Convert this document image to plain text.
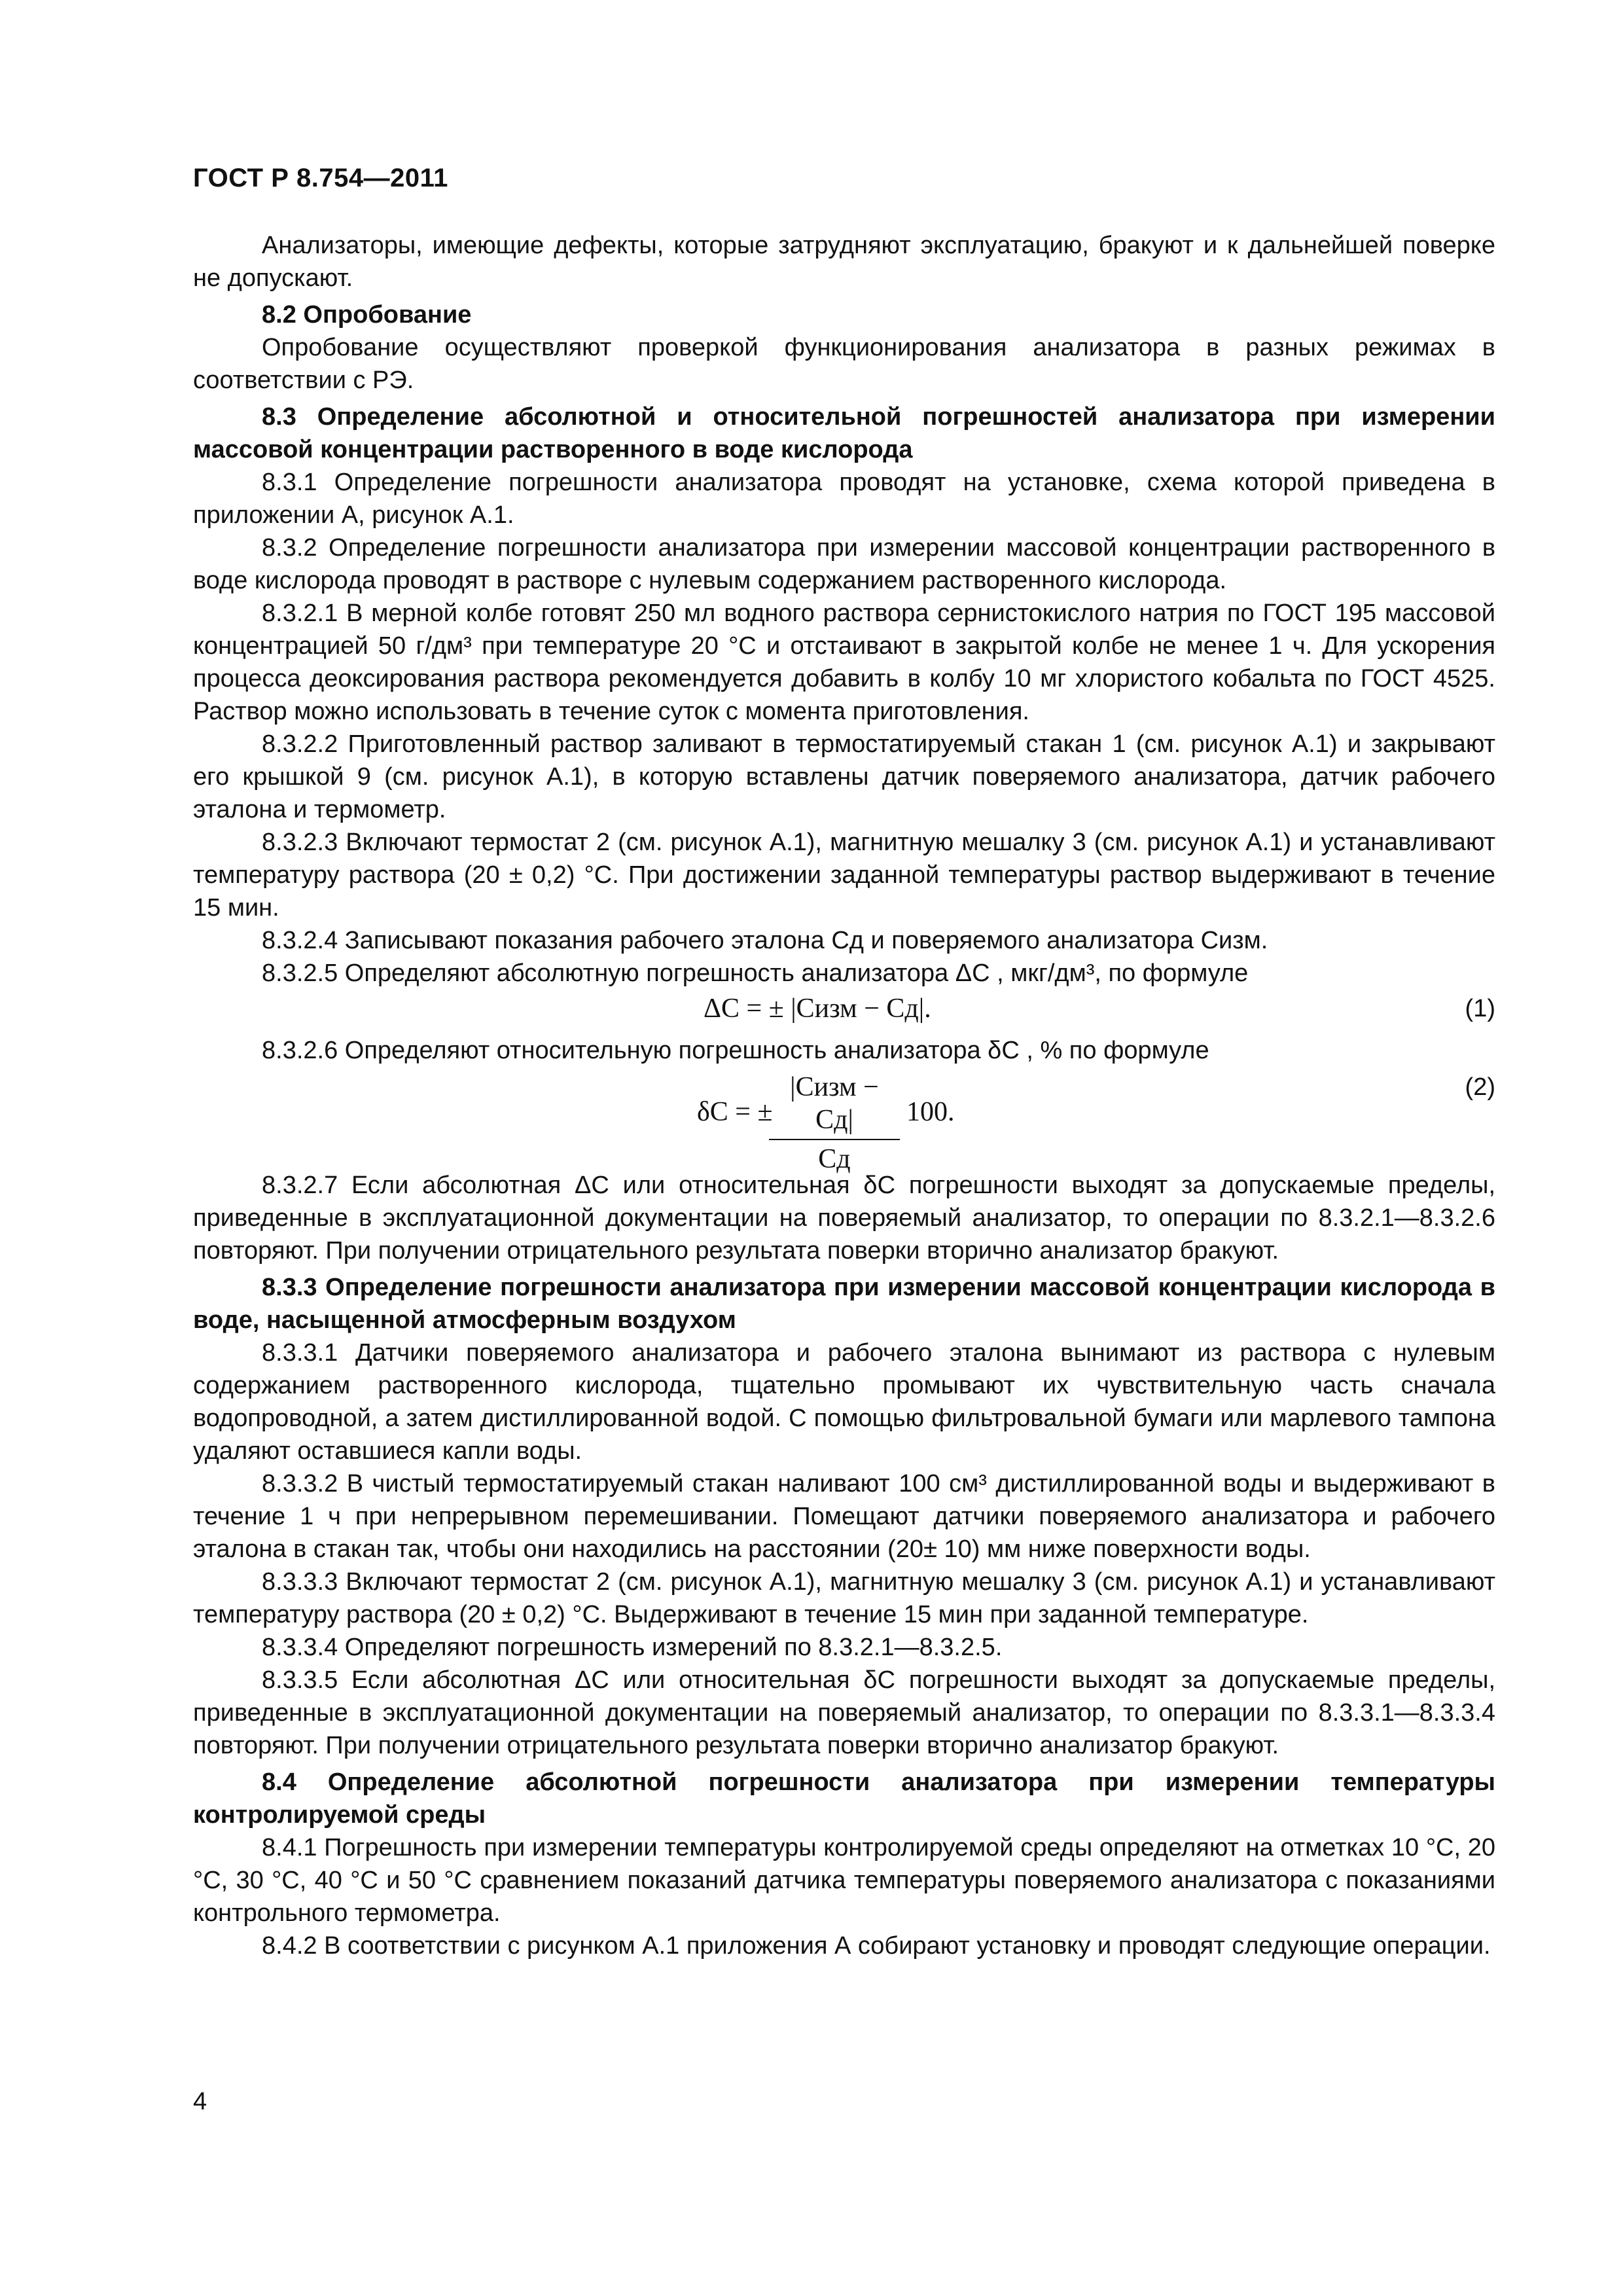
ГОСТ Р 8.754—2011

Анализаторы, имеющие дефекты, которые затрудняют эксплуатацию, бракуют и к дальнейшей поверке не допускают.

8.2 Опробование

Опробование осуществляют проверкой функционирования анализатора в разных режимах в соответствии с РЭ.

8.3 Определение абсолютной и относительной погрешностей анализатора при измерении массовой концентрации растворенного в воде кислорода

8.3.1 Определение погрешности анализатора проводят на установке, схема которой приведена в приложении А, рисунок А.1.

8.3.2 Определение погрешности анализатора при измерении массовой концентрации растворенного в воде кислорода проводят в растворе с нулевым содержанием растворенного кислорода.

8.3.2.1 В мерной колбе готовят 250 мл водного раствора сернистокислого натрия по ГОСТ 195 массовой концентрацией 50 г/дм³ при температуре 20 °С и отстаивают в закрытой колбе не менее 1 ч. Для ускорения процесса деоксирования раствора рекомендуется добавить в колбу 10 мг хлористого кобальта по ГОСТ 4525. Раствор можно использовать в течение суток с момента приготовления.

8.3.2.2 Приготовленный раствор заливают в термостатируемый стакан 1 (см. рисунок А.1) и закрывают его крышкой 9 (см. рисунок А.1), в которую вставлены датчик поверяемого анализатора, датчик рабочего эталона и термометр.

8.3.2.3 Включают термостат 2 (см. рисунок А.1), магнитную мешалку 3 (см. рисунок А.1) и устанавливают температуру раствора (20 ± 0,2) °С. При достижении заданной температуры раствор выдерживают в течение 15 мин.

8.3.2.4 Записывают показания рабочего эталона Cд и поверяемого анализатора Cизм.

8.3.2.5 Определяют абсолютную погрешность анализатора ΔC , мкг/дм³, по формуле

ΔC = ± |Cизм − Cд|.	(1)

8.3.2.6 Определяют относительную погрешность анализатора δC , % по формуле

δC = ±
|Cизм − Cд|
Cд
100.
(2)

8.3.2.7 Если абсолютная ΔC или относительная δC погрешности выходят за допускаемые пределы, приведенные в эксплуатационной документации на поверяемый анализатор, то операции по 8.3.2.1—8.3.2.6 повторяют. При получении отрицательного результата поверки вторично анализатор бракуют.

8.3.3 Определение погрешности анализатора при измерении массовой концентрации кислорода в воде, насыщенной атмосферным воздухом

8.3.3.1 Датчики поверяемого анализатора и рабочего эталона вынимают из раствора с нулевым содержанием растворенного кислорода, тщательно промывают их чувствительную часть сначала водопроводной, а затем дистиллированной водой. С помощью фильтровальной бумаги или марлевого тампона удаляют оставшиеся капли воды.

8.3.3.2 В чистый термостатируемый стакан наливают 100 см³ дистиллированной воды и выдерживают в течение 1 ч при непрерывном перемешивании. Помещают датчики поверяемого анализатора и рабочего эталона в стакан так, чтобы они находились на расстоянии (20± 10) мм ниже поверхности воды.

8.3.3.3 Включают термостат 2 (см. рисунок А.1), магнитную мешалку 3 (см. рисунок А.1) и устанавливают температуру раствора (20 ± 0,2) °С. Выдерживают в течение 15 мин при заданной температуре.

8.3.3.4 Определяют погрешность измерений по 8.3.2.1—8.3.2.5.

8.3.3.5 Если абсолютная ΔC или относительная δC погрешности выходят за допускаемые пределы, приведенные в эксплуатационной документации на поверяемый анализатор, то операции по 8.3.3.1—8.3.3.4 повторяют. При получении отрицательного результата поверки вторично анализатор бракуют.

8.4 Определение абсолютной погрешности анализатора при измерении температуры контролируемой среды

8.4.1 Погрешность при измерении температуры контролируемой среды определяют на отметках 10 °С, 20 °С, 30 °С, 40 °С и 50 °С сравнением показаний датчика температуры поверяемого анализатора с показаниями контрольного термометра.

8.4.2 В соответствии с рисунком А.1 приложения А собирают установку и проводят следующие операции.

4
